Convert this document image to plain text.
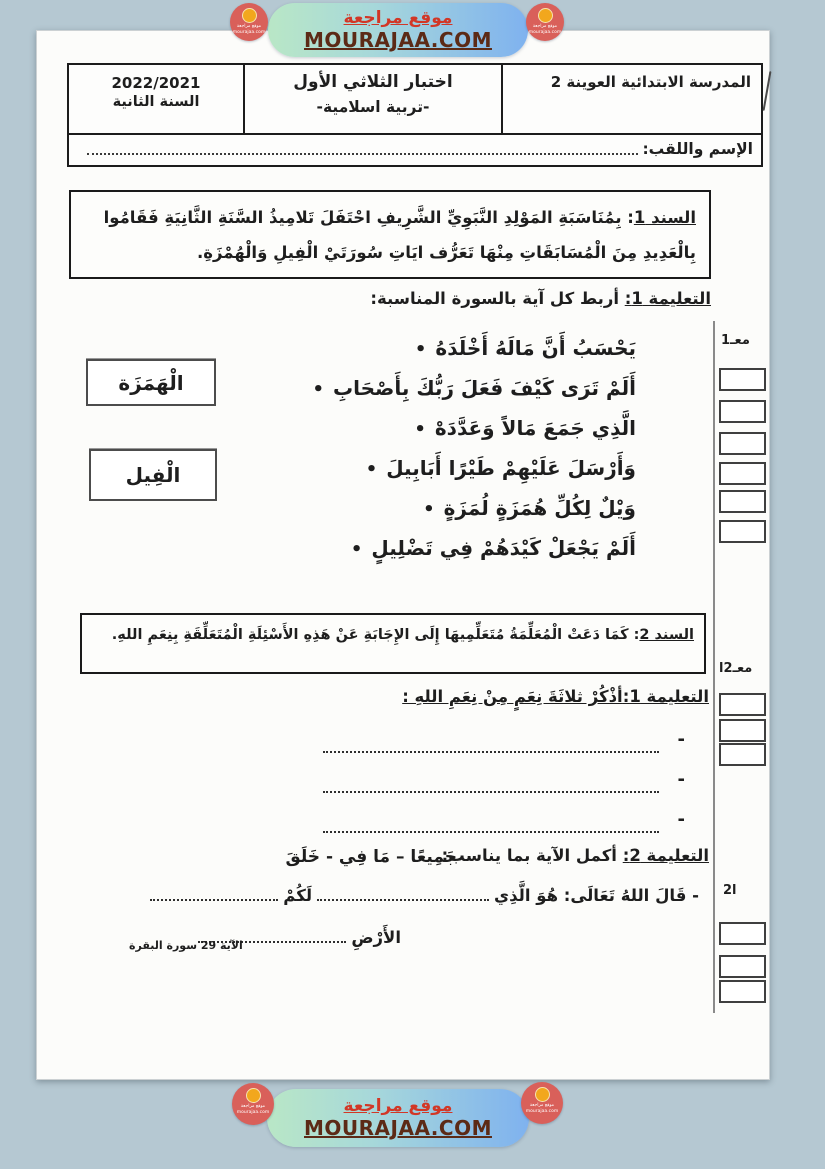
موقع مراجعة
MOURAJAA.COM
موقع مراجعة
mourajaa.com
موقع مراجعة
mourajaa.com
2022/2021
السنة الثانية
اختبار الثلاثي الأول
-تربية اسلامية-
المدرسة الابتدائية العوينة 2
الإسم واللقب:
السند 1: بِمُنَاسَبَةِ المَوْلِدِ النَّبَوِيِّ الشَّرِيفِ احْتَفَلَ تَلامِيذُ السَّنَةِ الثَّانِيَةِ فَقَامُوا بِالْعَدِيدِ مِنَ الْمُسَابَقَاتِ مِنْهَا تَعَرُّف ايَاتِ سُورَتَيْ الْفِيلِ وَالْهُمْزَةِ.
التعليمة 1: أربط كل آية بالسورة المناسبة:
يَحْسَبُ أَنَّ مَالَهُ أَخْلَدَهُ•
أَلَمْ تَرَى كَيْفَ فَعَلَ رَبُّكَ بِأَصْحَابِ•
الَّذِي جَمَعَ مَالاً وَعَدَّدَهْ•
وَأَرْسَلَ عَلَيْهِمْ طَيْرًا أَبَابِيلَ•
وَيْلٌ لِكُلِّ هُمَزَةٍ لُمَزَةٍ•
أَلَمْ يَجْعَلْ كَيْدَهُمْ فِي تَضْلِيلٍ•
الْهَمَزَة
الْفِيل
معـ1
معـ2ا
ا2
السند 2: كَمَا دَعَتْ الْمُعَلِّمَةُ مُتَعَلِّمِيهَا إِلَى الإِجَابَةِ عَنْ هَذِهِ الأَسْئِلَةِ الْمُتَعَلِّقَةِ بِنِعَمِ اللهِ.
التعليمة 1:أذْكُرْ ثلاثَةَ نِعَمٍ مِنْ نِعَمِ اللهِ :
-
-
-
التعليمة 2: أكمل الآية بما يناسب:
جَمِيعًا – مَا فِي - خَلَقَ
- قَالَ اللهُ تَعَالَى: هُوَ الَّذِي
لَكُمْ
الأَرْضِ
الآية 29 سورة البقرة
موقع مراجعة
MOURAJAA.COM
موقع مراجعة
mourajaa.com
موقع مراجعة
mourajaa.com
